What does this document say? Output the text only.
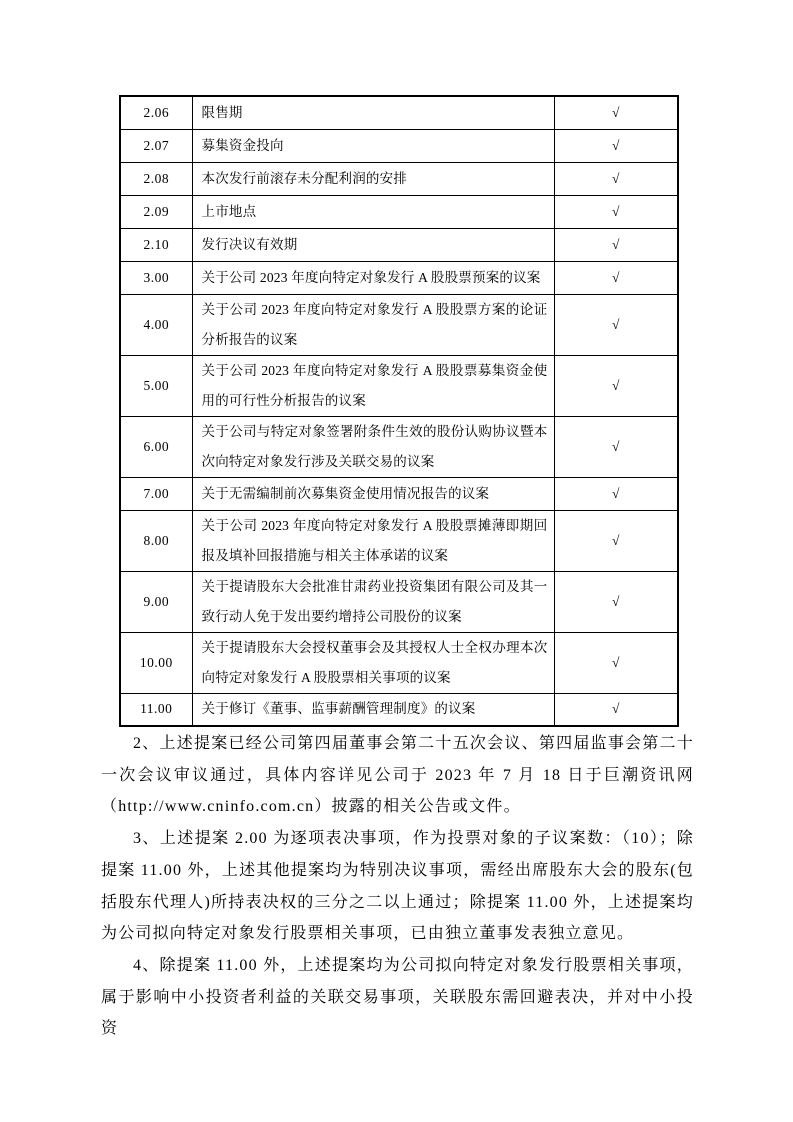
2.06	限售期	√
2.07	募集资金投向	√
2.08	本次发行前滚存未分配利润的安排	√
2.09	上市地点	√
2.10	发行决议有效期	√
3.00	关于公司 2023 年度向特定对象发行 A 股股票预案的议案	√
4.00	关于公司 2023 年度向特定对象发行 A 股股票方案的论证分析报告的议案	√
5.00	关于公司 2023 年度向特定对象发行 A 股股票募集资金使用的可行性分析报告的议案	√
6.00	关于公司与特定对象签署附条件生效的股份认购协议暨本次向特定对象发行涉及关联交易的议案	√
7.00	关于无需编制前次募集资金使用情况报告的议案	√
8.00	关于公司 2023 年度向特定对象发行 A 股股票摊薄即期回报及填补回报措施与相关主体承诺的议案	√
9.00	关于提请股东大会批准甘肃药业投资集团有限公司及其一致行动人免于发出要约增持公司股份的议案	√
10.00	关于提请股东大会授权董事会及其授权人士全权办理本次向特定对象发行 A 股股票相关事项的议案	√
11.00	关于修订《董事、监事薪酬管理制度》的议案	√

2、上述提案已经公司第四届董事会第二十五次会议、第四届监事会第二十一次会议审议通过，具体内容详见公司于 2023 年 7 月 18 日于巨潮资讯网（http://www.cninfo.com.cn）披露的相关公告或文件。

3、上述提案 2.00 为逐项表决事项，作为投票对象的子议案数：（10）；除提案 11.00 外，上述其他提案均为特别决议事项，需经出席股东大会的股东(包括股东代理人)所持表决权的三分之二以上通过；除提案 11.00 外，上述提案均为公司拟向特定对象发行股票相关事项，已由独立董事发表独立意见。

4、除提案 11.00 外，上述提案均为公司拟向特定对象发行股票相关事项，属于影响中小投资者利益的关联交易事项，关联股东需回避表决，并对中小投资
